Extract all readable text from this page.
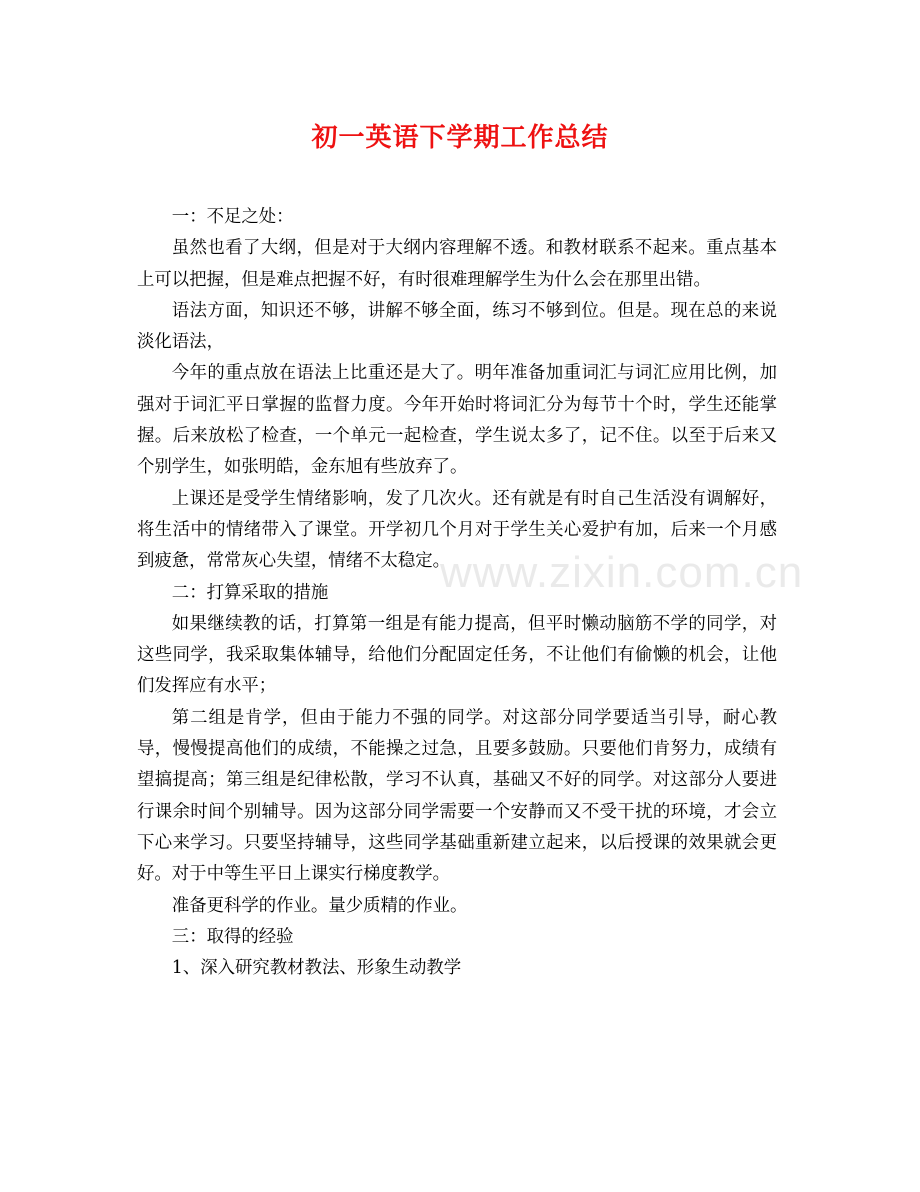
初一英语下学期工作总结

一：不足之处：

虽然也看了大纲，但是对于大纲内容理解不透。和教材联系不起来。重点基本上可以把握，但是难点把握不好，有时很难理解学生为什么会在那里出错。

语法方面，知识还不够，讲解不够全面，练习不够到位。但是。现在总的来说淡化语法，

今年的重点放在语法上比重还是大了。明年准备加重词汇与词汇应用比例，加强对于词汇平日掌握的监督力度。今年开始时将词汇分为每节十个时，学生还能掌握。后来放松了检查，一个单元一起检查，学生说太多了，记不住。以至于后来又个别学生，如张明皓，金东旭有些放弃了。

上课还是受学生情绪影响，发了几次火。还有就是有时自己生活没有调解好，将生活中的情绪带入了课堂。开学初几个月对于学生关心爱护有加，后来一个月感到疲惫，常常灰心失望，情绪不太稳定。

二：打算采取的措施

如果继续教的话，打算第一组是有能力提高，但平时懒动脑筋不学的同学，对这些同学，我采取集体辅导，给他们分配固定任务，不让他们有偷懒的机会，让他们发挥应有水平；

第二组是肯学，但由于能力不强的同学。对这部分同学要适当引导，耐心教导，慢慢提高他们的成绩，不能操之过急，且要多鼓励。只要他们肯努力，成绩有望搞提高；第三组是纪律松散，学习不认真，基础又不好的同学。对这部分人要进行课余时间个别辅导。因为这部分同学需要一个安静而又不受干扰的环境，才会立下心来学习。只要坚持辅导，这些同学基础重新建立起来，以后授课的效果就会更好。对于中等生平日上课实行梯度教学。

准备更科学的作业。量少质精的作业。

三：取得的经验

1、深入研究教材教法、形象生动教学

www.zixin.com.cn
